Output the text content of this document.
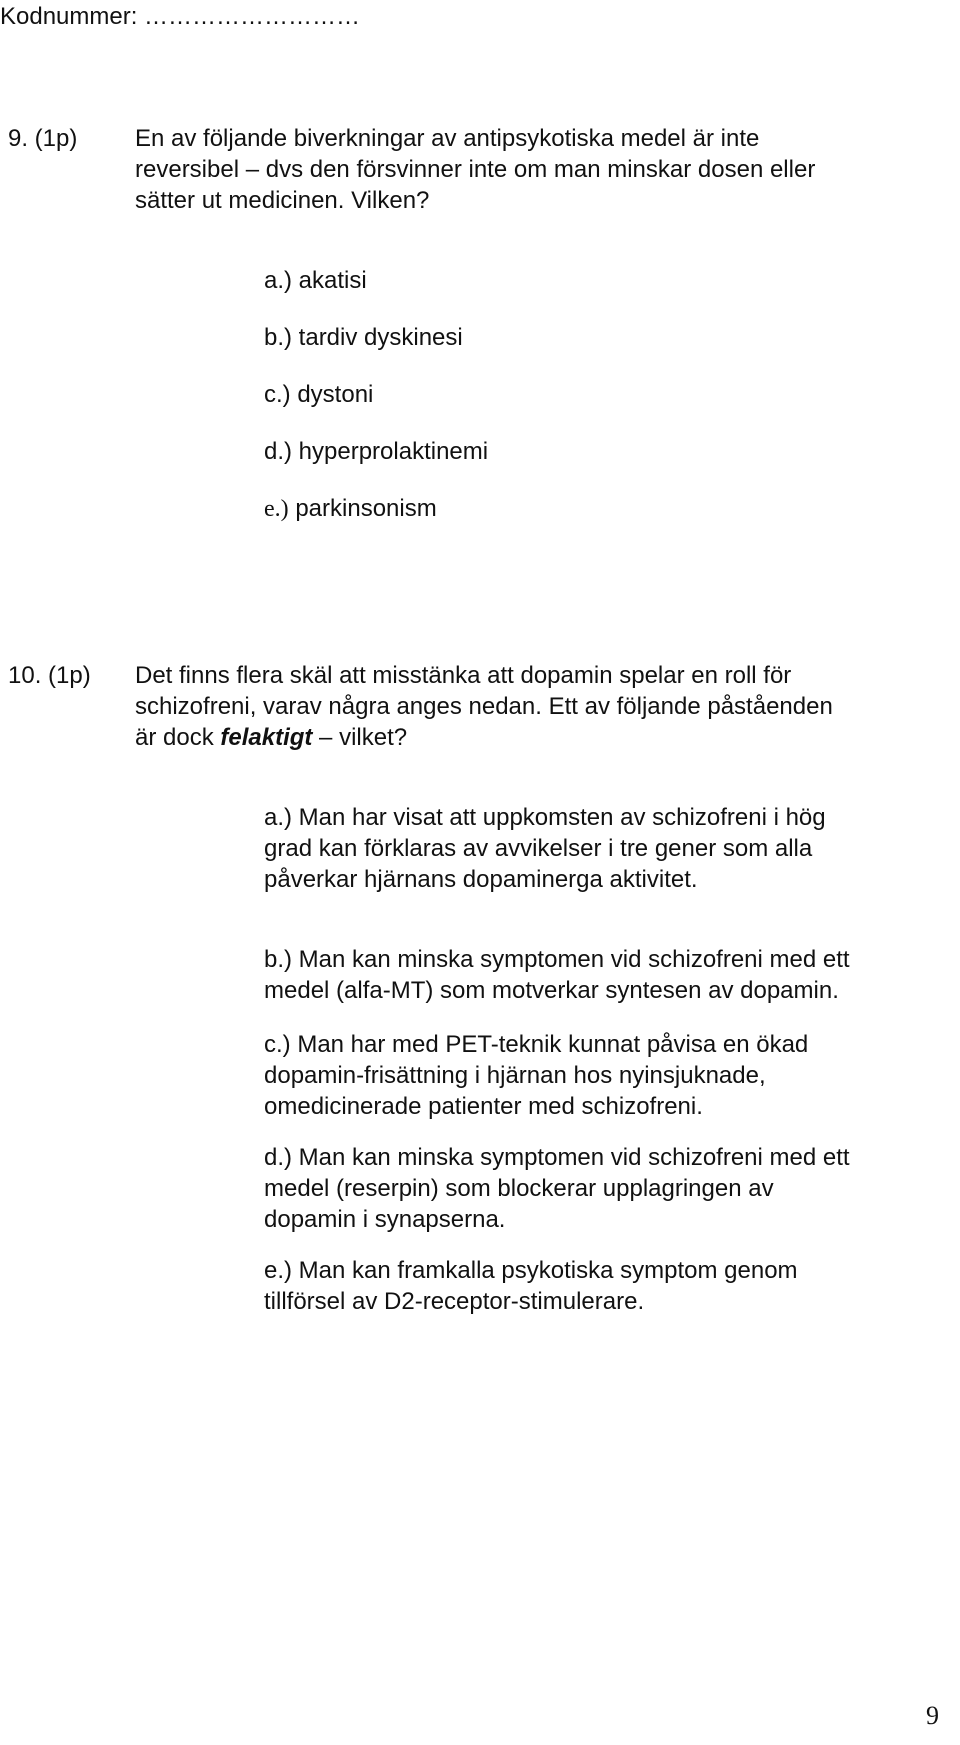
Kodnummer: ………………………
9. (1p) En av följande biverkningar av antipsykotiska medel är inte
reversibel – dvs den försvinner inte om man minskar dosen eller
sätter ut medicinen. Vilken?
a.) akatisi
b.) tardiv dyskinesi
c.) dystoni
d.) hyperprolaktinemi
e.) parkinsonism
10. (1p) Det finns flera skäl att misstänka att dopamin spelar en roll för
schizofreni, varav några anges nedan. Ett av följande påståenden
är dock felaktigt – vilket?
a.) Man har visat att uppkomsten av schizofreni i hög
grad kan förklaras av avvikelser i tre gener som alla
påverkar hjärnans dopaminerga aktivitet.
b.) Man kan minska symptomen vid schizofreni med ett
medel (alfa-MT) som motverkar syntesen av dopamin.
c.) Man har med PET-teknik kunnat påvisa en ökad
dopamin-frisättning i hjärnan hos nyinsjuknade,
omedicinerade patienter med schizofreni.
d.) Man kan minska symptomen vid schizofreni med ett
medel (reserpin) som blockerar upplagringen av
dopamin i synapserna.
e.) Man kan framkalla psykotiska symptom genom
tillförsel av D2-receptor-stimulerare.
9
